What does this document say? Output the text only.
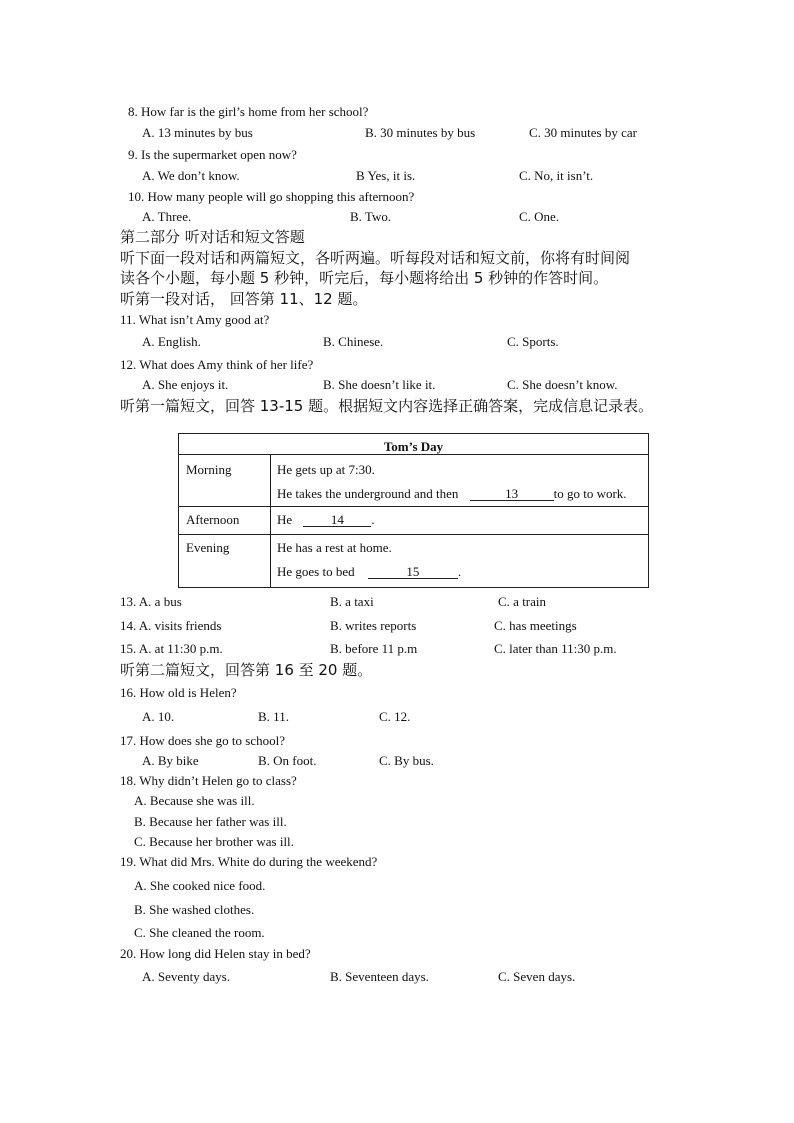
8. How far is the girl’s home from her school?
A. 13 minutes by bus	B. 30 minutes by bus	C. 30 minutes by car
9. Is the supermarket open now?
A. We don’t know.	B Yes, it is.	C. No, it isn’t.
10. How many people will go shopping this afternoon?
A. Three.	B. Two.	C. One.
第二部分 听对话和短文答题
听下面一段对话和两篇短文，各听两遍。听每段对话和短文前，你将有时间阅
读各个小题，每小题 5 秒钟，听完后，每小题将给出 5 秒钟的作答时间。
听第一段对话， 回答第 11、12 题。
11. What isn’t Amy good at?
A. English.	B. Chinese.	C. Sports.
12. What does Amy think of her life?
A. She enjoys it.	B. She doesn’t like it.	C. She doesn’t know.
听第一篇短文，回答 13-15 题。根据短文内容选择正确答案，完成信息记录表。
Tom’s Day
Morning	He gets up at 7:30.
He takes the underground and then	13	to go to work.
Afternoon	He	14 .
Evening	He has a rest at home.
He goes to bed	15	.
13. A. a bus	B. a taxi	C. a train
14. A. visits friends	B. writes reports	C. has meetings
15. A. at 11:30 p.m.	B. before 11 p.m	C. later than 11:30 p.m.
听第二篇短文，回答第 16 至 20 题。
16. How old is Helen?
A. 10.	B. 11.	C. 12.
17. How does she go to school?
A. By bike	B. On foot.	C. By bus.
18. Why didn’t Helen go to class?
A. Because she was ill.
B. Because her father was ill.
C. Because her brother was ill.
19. What did Mrs. White do during the weekend?
A. She cooked nice food.
B. She washed clothes.
C. She cleaned the room.
20. How long did Helen stay in bed?
A. Seventy days.	B. Seventeen days.	C. Seven days.
